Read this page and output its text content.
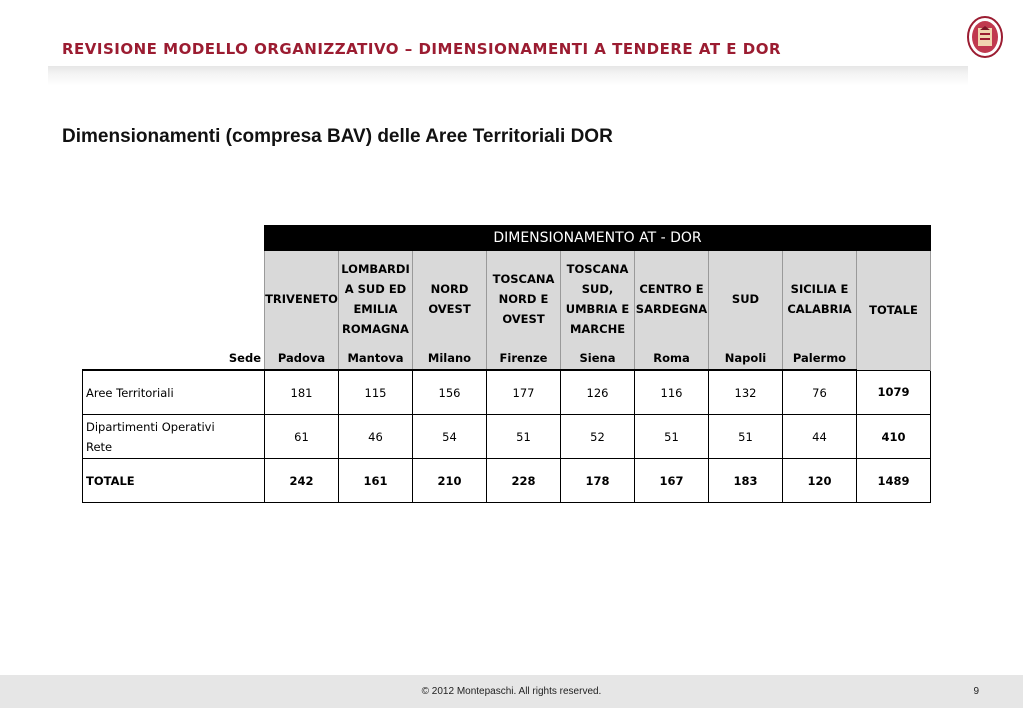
REVISIONE MODELLO ORGANIZZATIVO – DIMENSIONAMENTI A TENDERE AT E DOR
Dimensionamenti (compresa BAV) delle Aree Territoriali DOR

	DIMENSIONAMENTO AT - DOR								
	TRIVENETO	LOMBARDI
A SUD ED
EMILIA
ROMAGNA	NORD
OVEST	TOSCANA
NORD E
OVEST	TOSCANA
SUD,
UMBRIA E
MARCHE	CENTRO E
SARDEGNA	SUD	SICILIA E
CALABRIA	TOTALE
Sede	Padova	Mantova	Milano	Firenze	Siena	Roma	Napoli	Palermo	
Aree Territoriali	181	115	156	177	126	116	132	76	1079
Dipartimenti Operativi
Rete	61	46	54	51	52	51	51	44	410
TOTALE	242	161	210	228	178	167	183	120	1489
© 2012 Montepaschi. All rights reserved.	9
